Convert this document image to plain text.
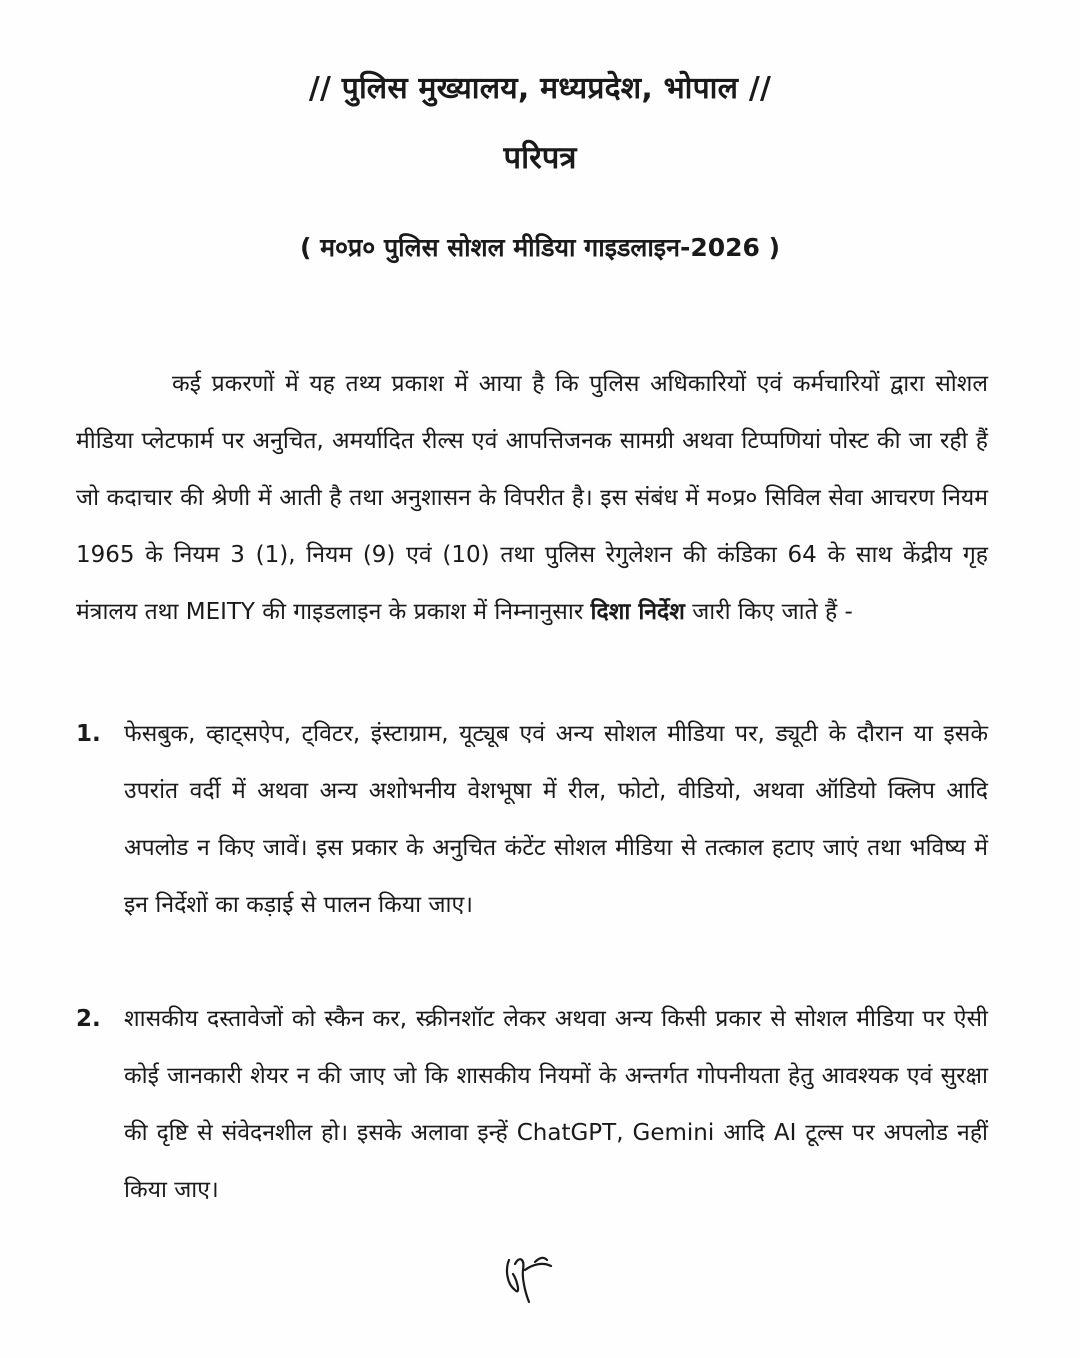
// पुलिस मुख्यालय, मध्यप्रदेश, भोपाल //
परिपत्र
( म०प्र० पुलिस सोशल मीडिया गाइडलाइन-2026 )
कई प्रकरणों में यह तथ्य प्रकाश में आया है कि पुलिस अधिकारियों एवं कर्मचारियों द्वारा सोशल मीडिया प्लेटफार्म पर अनुचित, अमर्यादित रील्स एवं आपत्तिजनक सामग्री अथवा टिप्पणियां पोस्ट की जा रही हैं जो कदाचार की श्रेणी में आती है तथा अनुशासन के विपरीत है। इस संबंध में म०प्र० सिविल सेवा आचरण नियम 1965 के नियम 3 (1), नियम (9) एवं (10) तथा पुलिस रेगुलेशन की कंडिका 64 के साथ केंद्रीय गृह मंत्रालय तथा MEITY की गाइडलाइन के प्रकाश में निम्नानुसार दिशा निर्देश जारी किए जाते हैं -
1.	फेसबुक, व्हाट्सऐप, ट्विटर, इंस्टाग्राम, यूट्यूब एवं अन्य सोशल मीडिया पर, ड्यूटी के दौरान या इसके उपरांत वर्दी में अथवा अन्य अशोभनीय वेशभूषा में रील, फोटो, वीडियो, अथवा ऑडियो क्लिप आदि अपलोड न किए जावें। इस प्रकार के अनुचित कंटेंट सोशल मीडिया से तत्काल हटाए जाएं तथा भविष्य में इन निर्देशों का कड़ाई से पालन किया जाए।
2.	शासकीय दस्तावेजों को स्कैन कर, स्क्रीनशॉट लेकर अथवा अन्य किसी प्रकार से सोशल मीडिया पर ऐसी कोई जानकारी शेयर न की जाए जो कि शासकीय नियमों के अन्तर्गत गोपनीयता हेतु आवश्यक एवं सुरक्षा की दृष्टि से संवेदनशील हो। इसके अलावा इन्हें ChatGPT, Gemini आदि AI टूल्स पर अपलोड नहीं किया जाए।
